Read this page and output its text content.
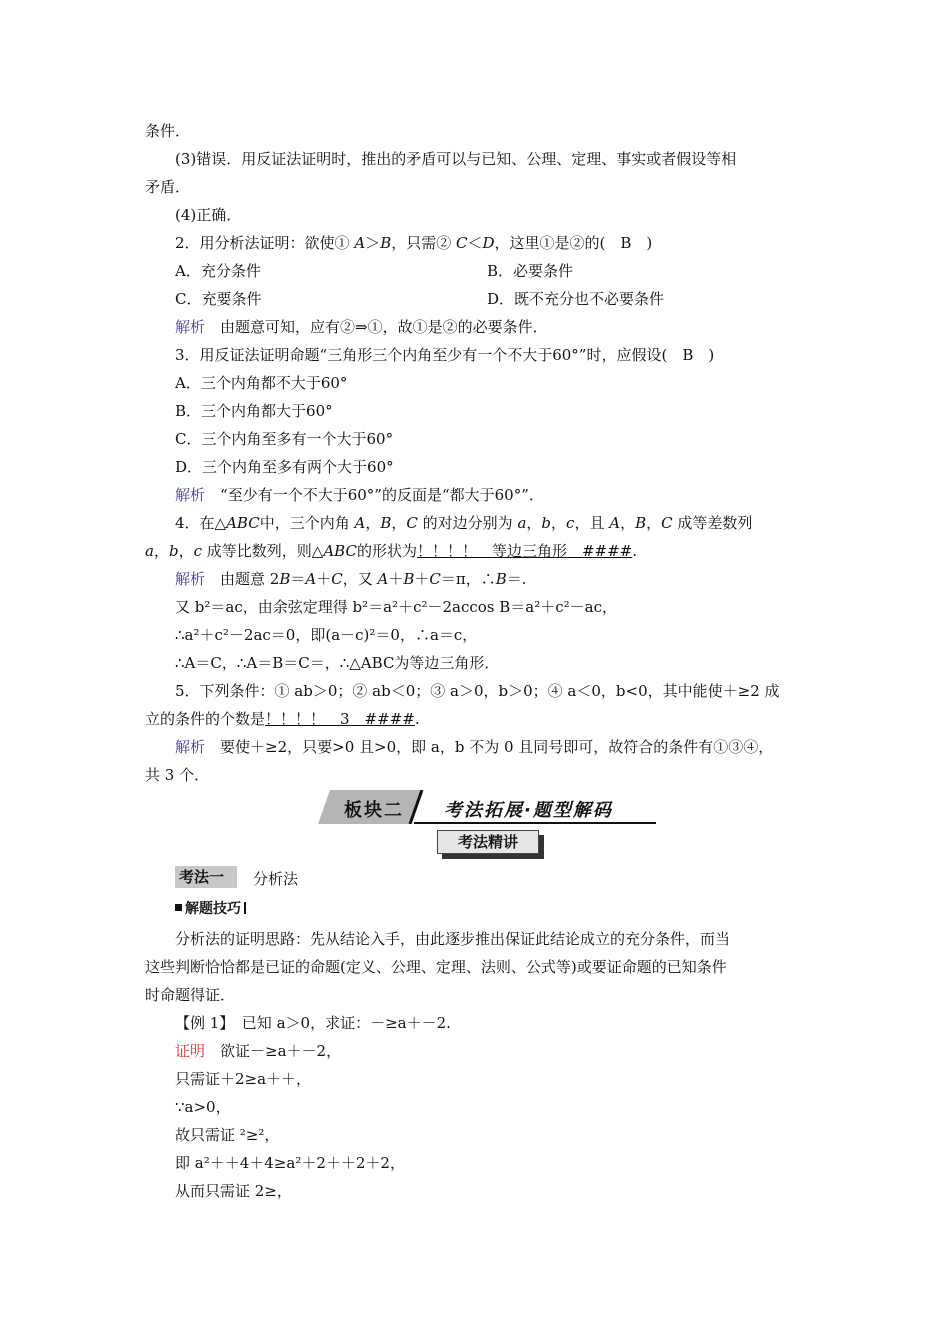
条件．
(3)错误．用反证法证明时，推出的矛盾可以与已知、公理、定理、事实或者假设等相
矛盾．
(4)正确．
2．用分析法证明：欲使① A＞B，只需② C＜D，这里①是②的(　B　)
A．充分条件	B．必要条件
C．充要条件	D．既不充分也不必要条件
解析　 由题意可知，应有②⇒①，故①是②的必要条件．
3．用反证法证明命题“三角形三个内角至少有一个不大于60°”时，应假设(　B　)
A．三个内角都不大于60°
B．三个内角都大于60°
C．三个内角至多有一个大于60°
D．三个内角至多有两个大于60°
解析　 “至少有一个不大于60°”的反面是“都大于60°”．
4．在△ABC中，三个内角 A，B，C 的对边分别为 a，b，c，且 A，B，C 成等差数列
a，b，c 成等比数列，则△ABC的形状为！！！！　等边三角形　####.
解析　 由题意 2B＝A＋C，又 A＋B＋C＝π，∴B＝.
又 b²＝ac，由余弦定理得 b²＝a²＋c²－2accos B＝a²＋c²－ac，
∴a²＋c²－2ac＝0，即(a－c)²＝0，∴a＝c，
∴A＝C，∴A＝B＝C＝，∴△ABC为等边三角形．
5．下列条件：① ab＞0；② ab＜0；③ a＞0，b＞0；④ a＜0，b<0，其中能使＋≥2 成
立的条件的个数是！！！！　3　####.
解析　 要使＋≥2，只要>0 且>0，即 a，b 不为 0 且同号即可，故符合的条件有①③④，
共 3 个．
板块二 考法拓展·题型解码
考法精讲
考法一	分析法
解题技巧
分析法的证明思路：先从结论入手，由此逐步推出保证此结论成立的充分条件，而当
这些判断恰恰都是已证的命题(定义、公理、定理、法则、公式等)或要证命题的已知条件
时命题得证．
【例 1】　已知 a＞0，求证：－≥a＋－2.
证明　 欲证－≥a＋－2，
只需证＋2≥a＋＋，
∵a>0，
故只需证 ²≥²，
即 a²＋＋4＋4≥a²＋2＋＋2＋2，
从而只需证 2≥，
